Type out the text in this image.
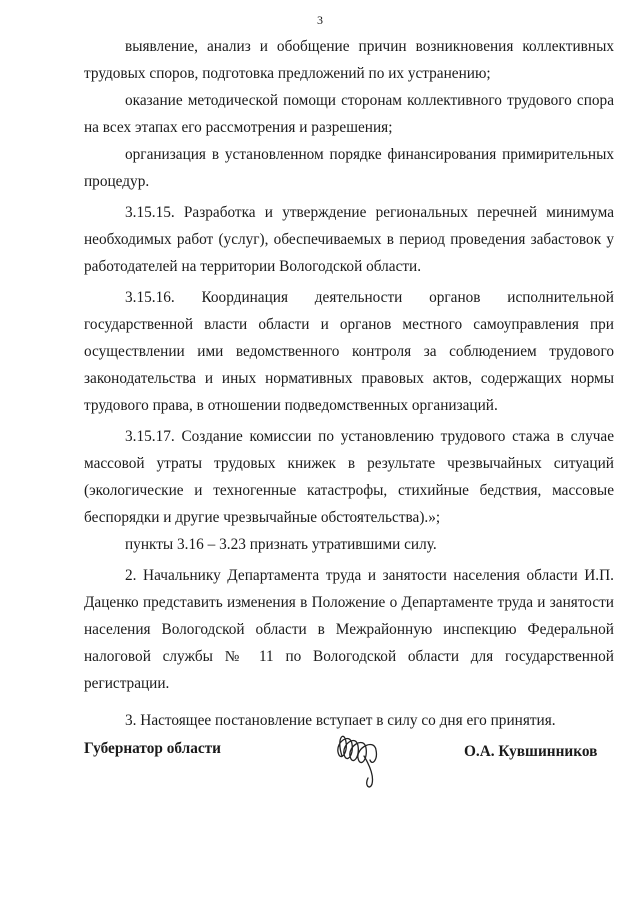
3

выявление, анализ и обобщение причин возникновения коллективных трудовых споров, подготовка предложений по их устранению;

оказание методической помощи сторонам коллективного трудового спора на всех этапах его рассмотрения и разрешения;

организация в установленном порядке финансирования примирительных процедур.

3.15.15. Разработка и утверждение региональных перечней минимума необходимых работ (услуг), обеспечиваемых в период проведения забастовок у работодателей на территории Вологодской области.

3.15.16. Координация деятельности органов исполнительной государственной власти области и органов местного самоуправления при осуществлении ими ведомственного контроля за соблюдением трудового законодательства и иных нормативных правовых актов, содержащих нормы трудового права, в отношении подведомственных организаций.

3.15.17. Создание комиссии по установлению трудового стажа в случае массовой утраты трудовых книжек в результате чрезвычайных ситуаций (экологические и техногенные катастрофы, стихийные бедствия, массовые беспорядки и другие чрезвычайные обстоятельства).»;

пункты 3.16 – 3.23 признать утратившими силу.

2. Начальнику Департамента труда и занятости населения области И.П. Даценко представить изменения в Положение о Департаменте труда и занятости населения Вологодской области в Межрайонную инспекцию Федеральной налоговой службы № 11 по Вологодской области для государственной регистрации.

3. Настоящее постановление вступает в силу со дня его принятия.

Губернатор области	О.А. Кувшинников
